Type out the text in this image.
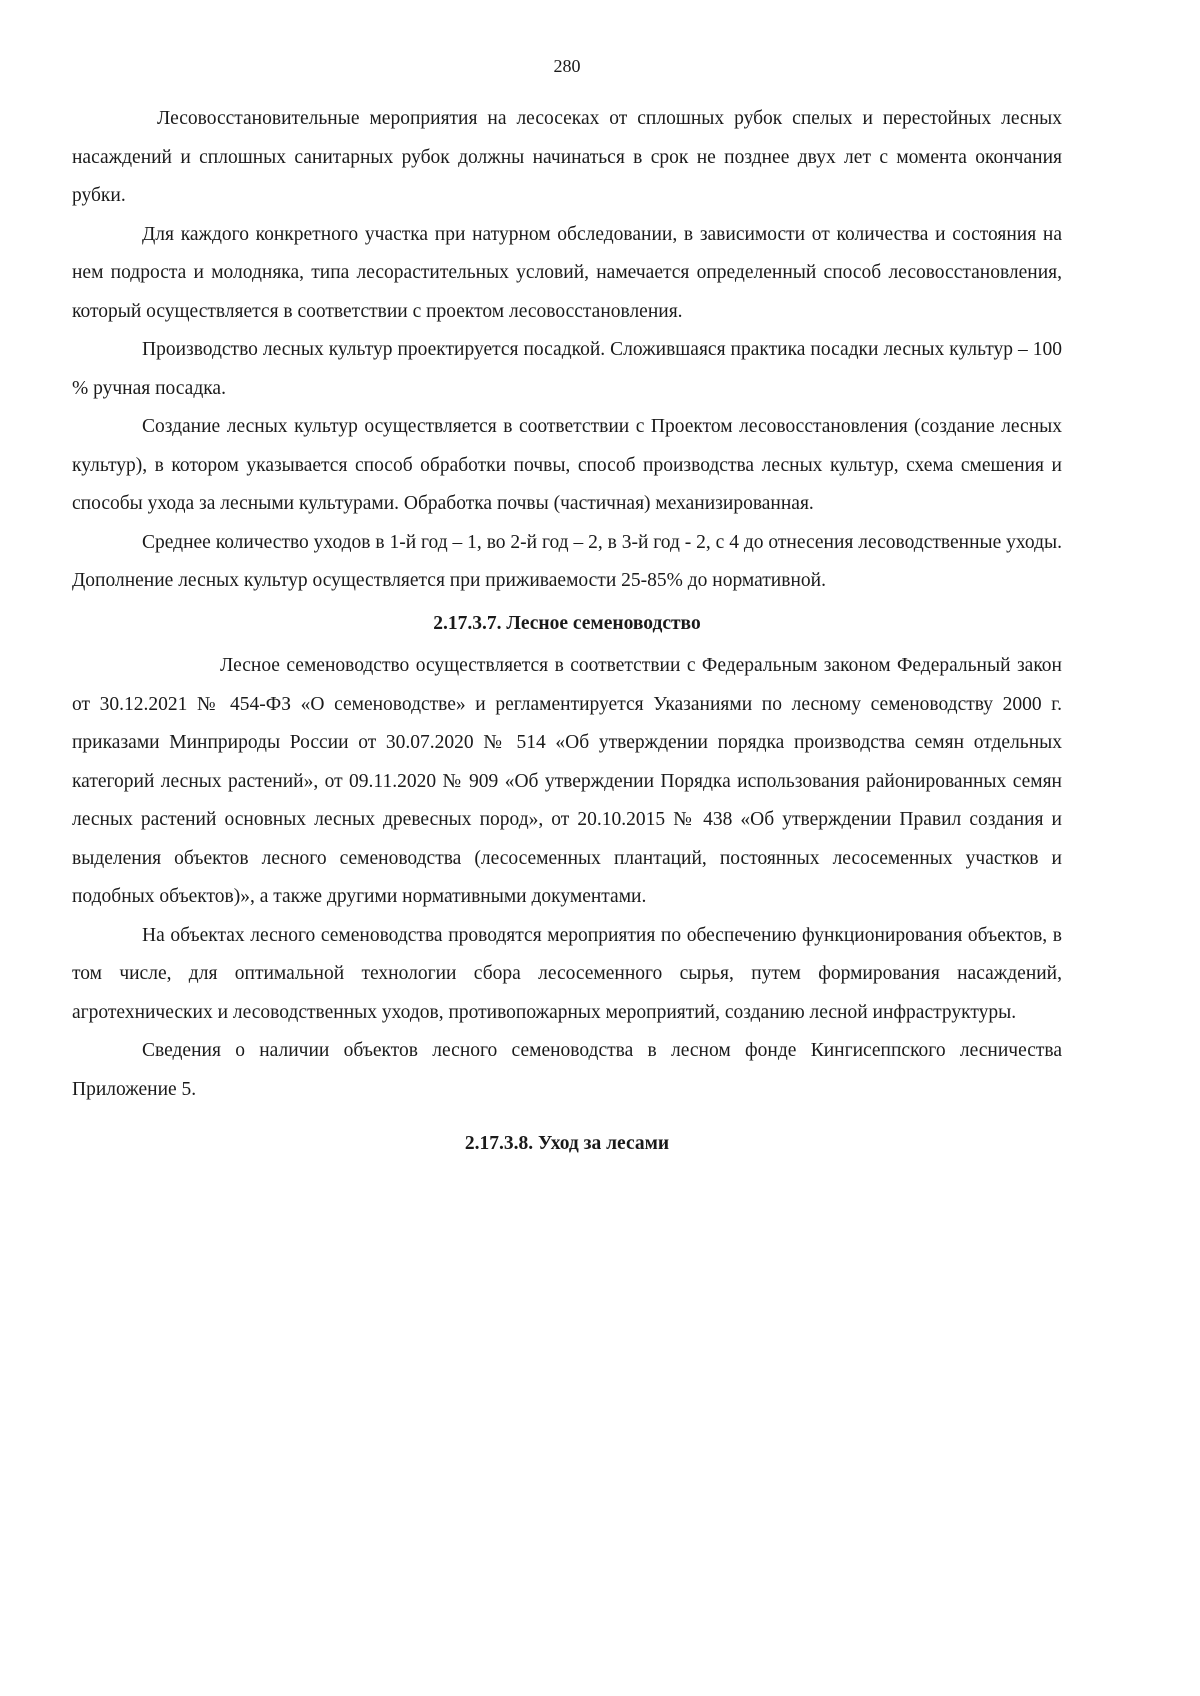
280

Лесовосстановительные мероприятия на лесосеках от сплошных рубок спелых и перестойных лесных насаждений и сплошных санитарных рубок должны начинаться в срок не позднее двух лет с момента окончания рубки.

Для каждого конкретного участка при натурном обследовании, в зависимости от количества и состояния на нем подроста и молодняка, типа лесорастительных условий, намечается определенный способ лесовосстановления, который осуществляется в соответствии с проектом лесовосстановления.

Производство лесных культур проектируется посадкой. Сложившаяся практика посадки лесных культур – 100 % ручная посадка.

Создание лесных культур осуществляется в соответствии с Проектом лесовосстановления (создание лесных культур), в котором указывается способ обработки почвы, способ производства лесных культур, схема смешения и способы ухода за лесными культурами. Обработка почвы (частичная) механизированная.

Среднее количество уходов в 1-й год – 1, во 2-й год – 2, в 3-й год - 2, с 4 до отнесения лесоводственные уходы. Дополнение лесных культур осуществляется при приживаемости 25-85% до нормативной.

2.17.3.7. Лесное семеноводство

Лесное семеноводство осуществляется в соответствии с Федеральным законом Федеральный закон от 30.12.2021 № 454-ФЗ «О семеноводстве» и регламентируется Указаниями по лесному семеноводству 2000 г. приказами Минприроды России от 30.07.2020 № 514 «Об утверждении порядка производства семян отдельных категорий лесных растений», от 09.11.2020 № 909 «Об утверждении Порядка использования районированных семян лесных растений основных лесных древесных пород», от 20.10.2015 № 438 «Об утверждении Правил создания и выделения объектов лесного семеноводства (лесосеменных плантаций, постоянных лесосеменных участков и подобных объектов)», а также другими нормативными документами.

На объектах лесного семеноводства проводятся мероприятия по обеспечению функционирования объектов, в том числе, для оптимальной технологии сбора лесосеменного сырья, путем формирования насаждений, агротехнических и лесоводственных уходов, противопожарных мероприятий, созданию лесной инфраструктуры.

Сведения о наличии объектов лесного семеноводства в лесном фонде Кингисеппского лесничества Приложение 5.

2.17.3.8. Уход за лесами
